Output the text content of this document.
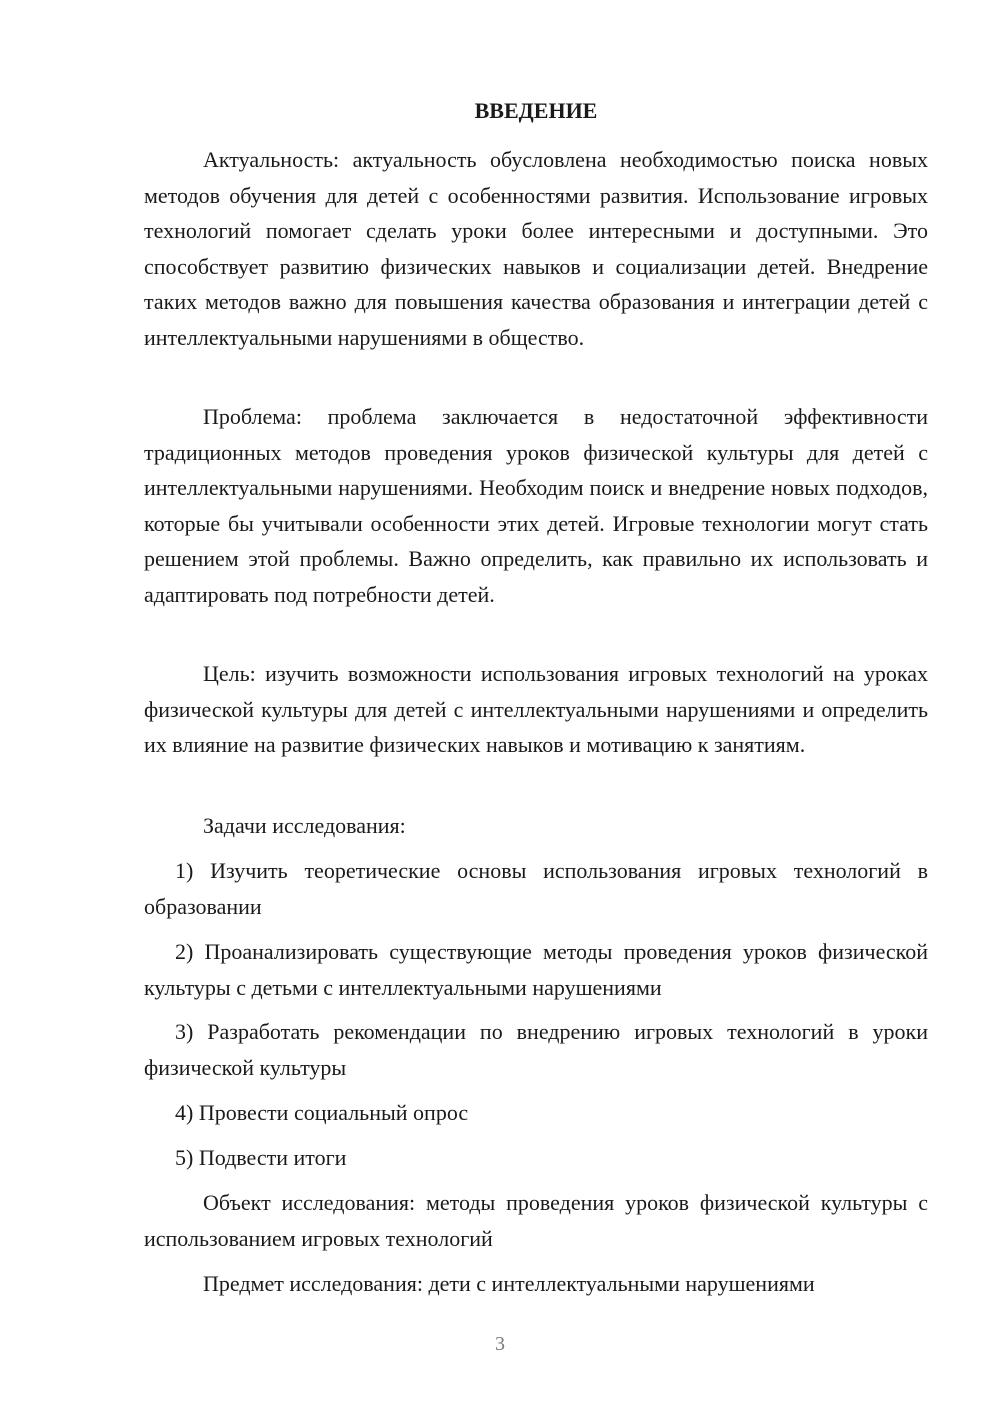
ВВЕДЕНИЕ

Актуальность: актуальность обусловлена необходимостью поиска новых методов обучения для детей с особенностями развития. Использование игровых технологий помогает сделать уроки более интересными и доступными. Это способствует развитию физических навыков и социализации детей. Внедрение таких методов важно для повышения качества образования и интеграции детей с интеллектуальными нарушениями в общество.

Проблема: проблема заключается в недостаточной эффективности традиционных методов проведения уроков физической культуры для детей с интеллектуальными нарушениями. Необходим поиск и внедрение новых подходов, которые бы учитывали особенности этих детей. Игровые технологии могут стать решением этой проблемы. Важно определить, как правильно их использовать и адаптировать под потребности детей.

Цель: изучить возможности использования игровых технологий на уроках физической культуры для детей с интеллектуальными нарушениями и определить их влияние на развитие физических навыков и мотивацию к занятиям.

Задачи исследования:

1) Изучить теоретические основы использования игровых технологий в образовании

2) Проанализировать существующие методы проведения уроков физической культуры с детьми с интеллектуальными нарушениями

3) Разработать рекомендации по внедрению игровых технологий в уроки физической культуры

4) Провести социальный опрос

5) Подвести итоги

Объект исследования: методы проведения уроков физической культуры с использованием игровых технологий

Предмет исследования: дети с интеллектуальными нарушениями

3
